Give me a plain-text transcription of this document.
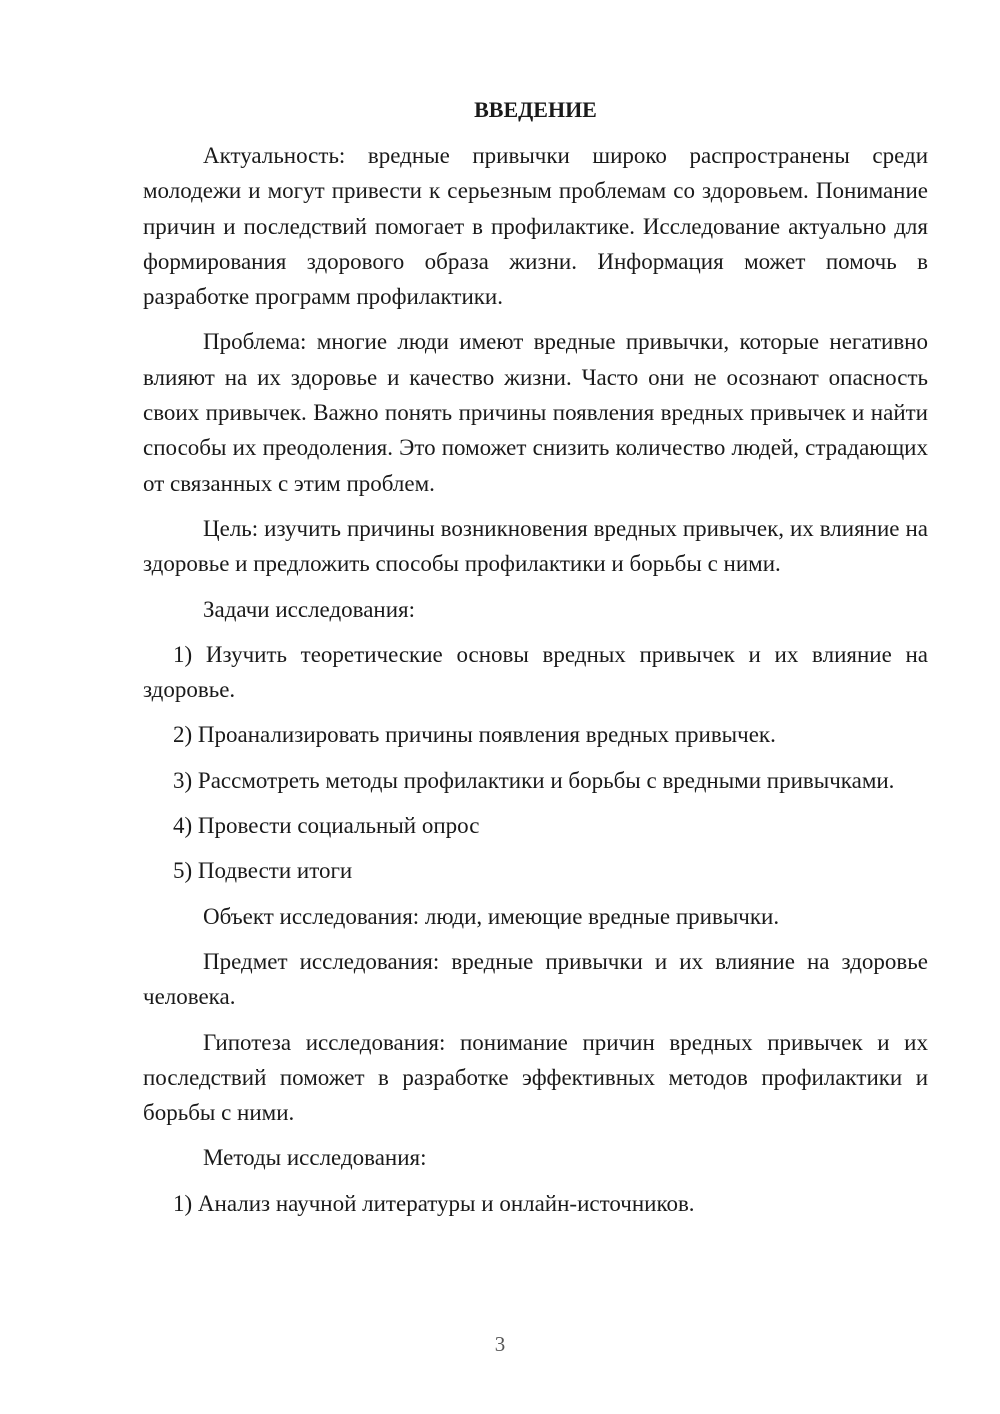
ВВЕДЕНИЕ

Актуальность: вредные привычки широко распространены среди молодежи и могут привести к серьезным проблемам со здоровьем. Понимание причин и последствий помогает в профилактике. Исследование актуально для формирования здорового образа жизни. Информация может помочь в разработке программ профилактики.

Проблема: многие люди имеют вредные привычки, которые негативно влияют на их здоровье и качество жизни. Часто они не осознают опасность своих привычек. Важно понять причины появления вредных привычек и найти способы их преодоления. Это поможет снизить количество людей, страдающих от связанных с этим проблем.

Цель: изучить причины возникновения вредных привычек, их влияние на здоровье и предложить способы профилактики и борьбы с ними.

Задачи исследования:

1) Изучить теоретические основы вредных привычек и их влияние на здоровье.

2) Проанализировать причины появления вредных привычек.

3) Рассмотреть методы профилактики и борьбы с вредными привычками.

4) Провести социальный опрос

5) Подвести итоги

Объект исследования: люди, имеющие вредные привычки.

Предмет исследования: вредные привычки и их влияние на здоровье человека.

Гипотеза исследования: понимание причин вредных привычек и их последствий поможет в разработке эффективных методов профилактики и борьбы с ними.

Методы исследования:

1) Анализ научной литературы и онлайн-источников.

3
